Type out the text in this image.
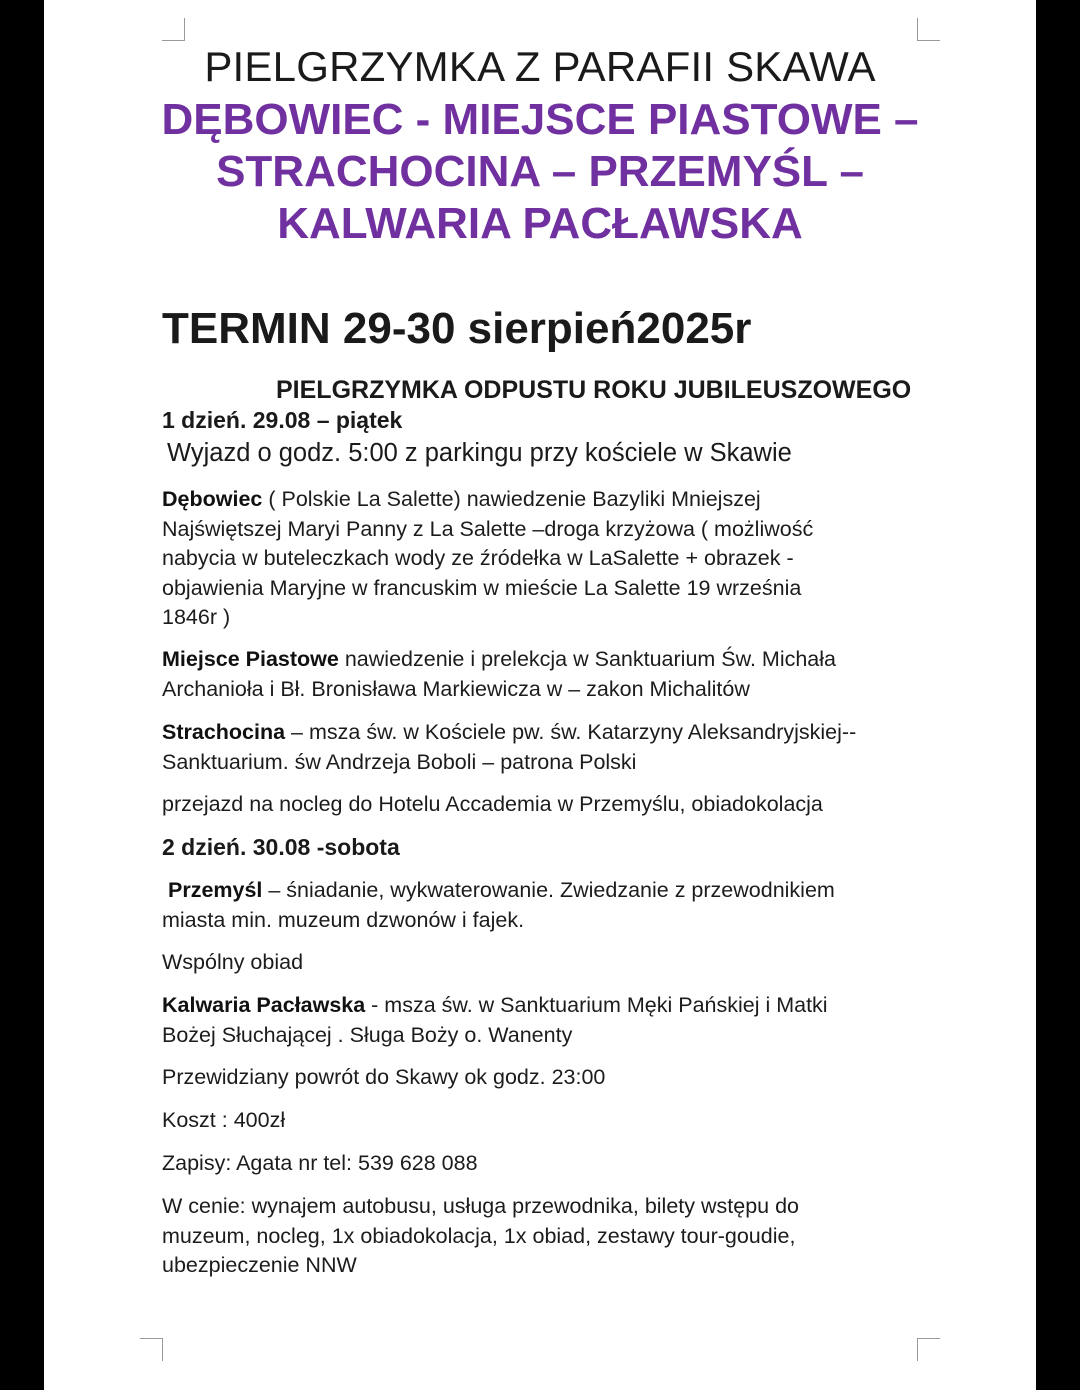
PIELGRZYMKA Z PARAFII SKAWA
DĘBOWIEC - MIEJSCE PIASTOWE –
STRACHOCINA – PRZEMYŚL –
KALWARIA PACŁAWSKA
TERMIN 29-30 sierpień2025r
PIELGRZYMKA ODPUSTU ROKU JUBILEUSZOWEGO
1 dzień. 29.08 – piątek
Wyjazd o godz. 5:00 z parkingu przy kościele w Skawie
Dębowiec ( Polskie La Salette) nawiedzenie Bazyliki Mniejszej
Najświętszej Maryi Panny z La Salette –droga krzyżowa ( możliwość
nabycia w buteleczkach wody ze źródełka w LaSalette + obrazek -
objawienia Maryjne w francuskim w mieście La Salette 19 września
1846r )
Miejsce Piastowe nawiedzenie i prelekcja w Sanktuarium Św. Michała
Archanioła i Bł. Bronisława Markiewicza w – zakon Michalitów
Strachocina – msza św. w Kościele pw. św. Katarzyny Aleksandryjskiej--
Sanktuarium. św Andrzeja Boboli – patrona Polski
przejazd na nocleg do Hotelu Accademia w Przemyślu, obiadokolacja
2 dzień. 30.08 -sobota
Przemyśl – śniadanie, wykwaterowanie. Zwiedzanie z przewodnikiem
miasta min. muzeum dzwonów i fajek.
Wspólny obiad
Kalwaria Pacławska - msza św. w Sanktuarium Męki Pańskiej i Matki
Bożej Słuchającej . Sługa Boży o. Wanenty
Przewidziany powrót do Skawy ok godz. 23:00
Koszt : 400zł
Zapisy: Agata nr tel: 539 628 088
W cenie: wynajem autobusu, usługa przewodnika, bilety wstępu do
muzeum, nocleg, 1x obiadokolacja, 1x obiad, zestawy tour-goudie,
ubezpieczenie NNW
